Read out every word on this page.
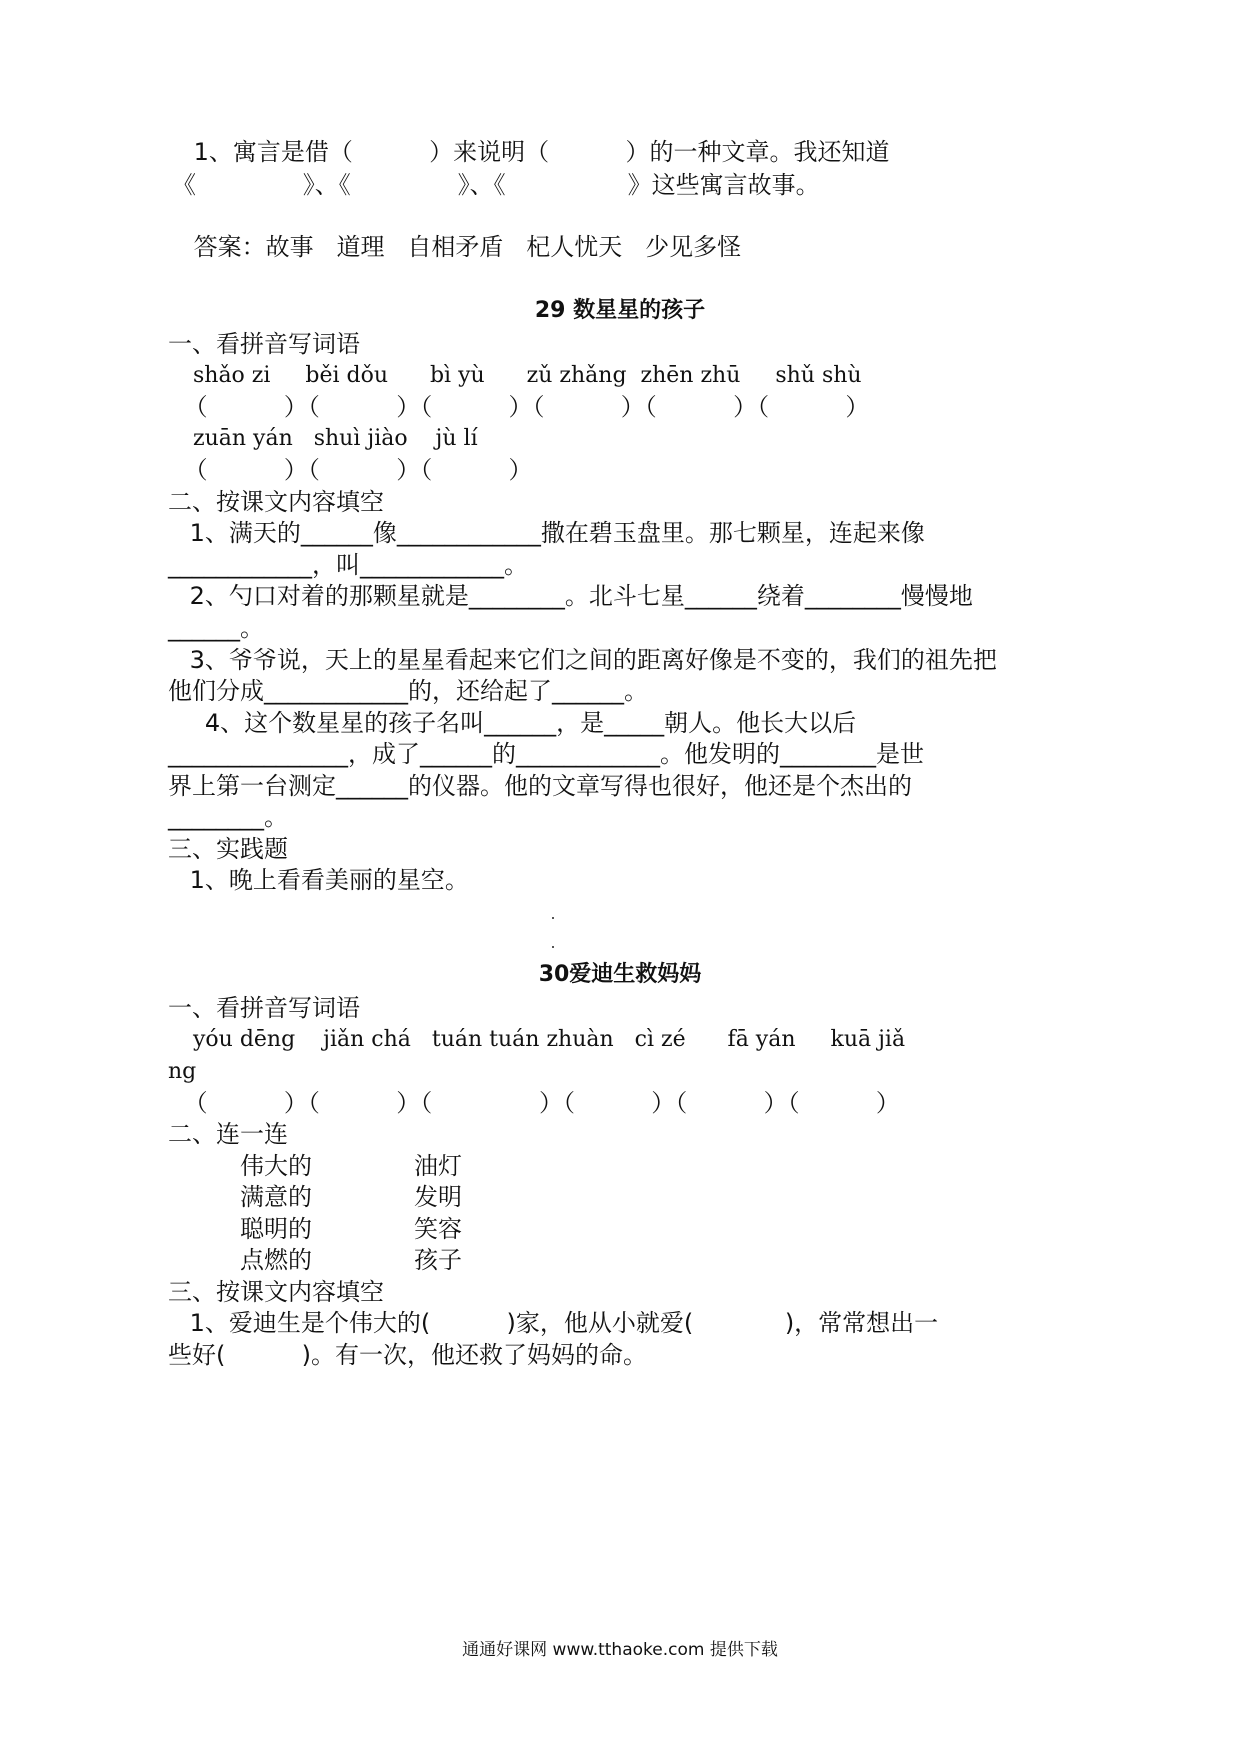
1、寓言是借（          ）来说明（          ）的一种文章。我还知道
《              》、《              》、《                》这些寓言故事。
答案：故事   道理   自相矛盾   杞人忧天   少见多怪
29 数星星的孩子
一、看拼音写词语
shǎo zi     běi dǒu      bì yù      zǔ zhǎng  zhēn zhū     shǔ shù
（          ）（          ）（          ）（          ）（          ）（          ）
zuān yán   shuì jiào    jù lí
（          ）（          ）（          ）
二、按课文内容填空
1、满天的______像____________撒在碧玉盘里。那七颗星，连起来像
____________，叫____________。
2、勺口对着的那颗星就是________。北斗七星______绕着________慢慢地
______。
3、爷爷说，天上的星星看起来它们之间的距离好像是不变的，我们的祖先把
他们分成____________的，还给起了______。
4、这个数星星的孩子名叫______，是_____朝人。他长大以后
_______________，成了______的____________。他发明的________是世
界上第一台测定______的仪器。他的文章写得也很好，他还是个杰出的
________。
三、实践题
1、晚上看看美丽的星空。
30爱迪生救妈妈
一、看拼音写词语
yóu dēng    jiǎn chá   tuán tuán zhuàn   cì zé      fā yán     kuā jiǎ
ng
（          ）（          ）（              ）（          ）（          ）（          ）
二、连一连
伟大的	油灯
满意的	发明
聪明的	笑容
点燃的	孩子
三、按课文内容填空
1、爱迪生是个伟大的(          )家，他从小就爱(            )，常常想出一
些好(          )。有一次，他还救了妈妈的命。
通通好课网 www.tthaoke.com 提供下载
